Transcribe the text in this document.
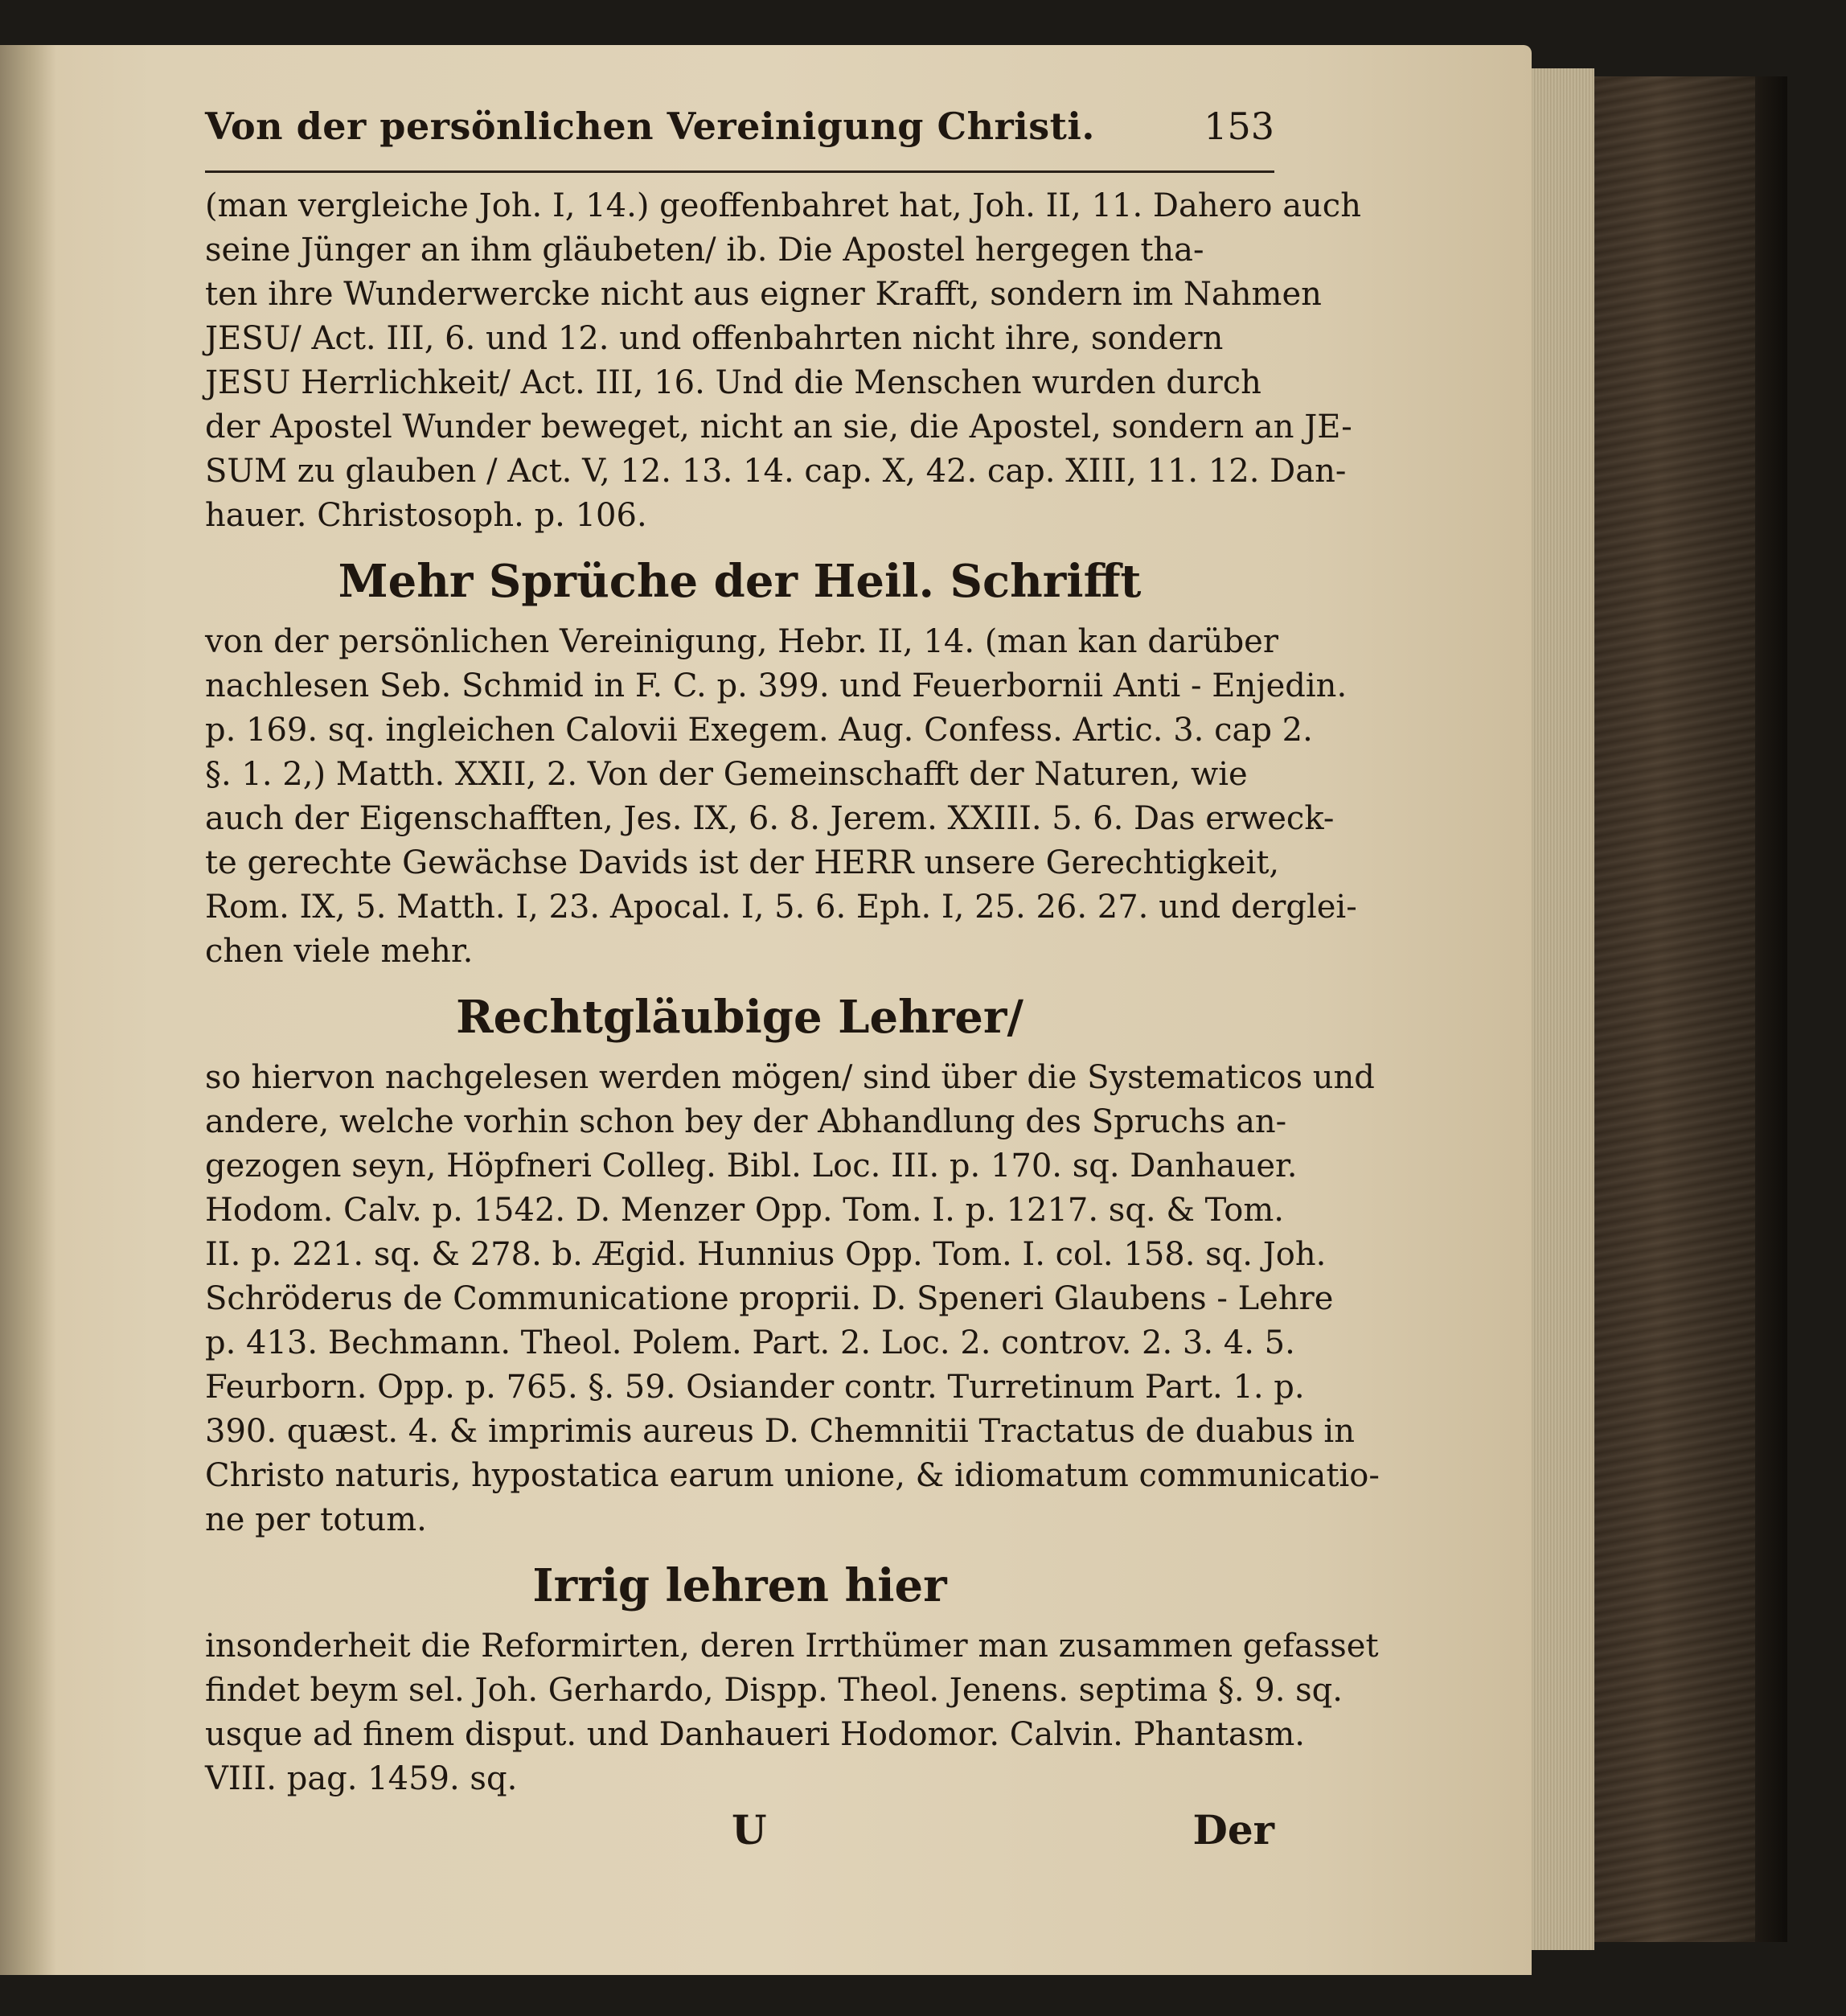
Von der persönlichen Vereinigung Christi.	153

(man vergleiche Joh. I, 14.) geoffenbahret hat, Joh. II, 11. Dahero auch
seine Jünger an ihm gläubeten/ ib. Die Apostel hergegen tha-
ten ihre Wunderwercke nicht aus eigner Krafft, sondern im Nahmen
JESU/ Act. III, 6. und 12. und offenbahrten nicht ihre, sondern
JESU Herrlichkeit/ Act. III, 16. Und die Menschen wurden durch
der Apostel Wunder beweget, nicht an sie, die Apostel, sondern an JE-
SUM zu glauben / Act. V, 12. 13. 14. cap. X, 42. cap. XIII, 11. 12. Dan-
hauer. Christosoph. p. 106.

Mehr Sprüche der Heil. Schrifft

von der persönlichen Vereinigung, Hebr. II, 14. (man kan darüber
nachlesen Seb. Schmid in F. C. p. 399. und Feuerbornii Anti - Enjedin.
p. 169. sq. ingleichen Calovii Exegem. Aug. Confess. Artic. 3. cap 2.
§. 1. 2,) Matth. XXII, 2. Von der Gemeinschafft der Naturen, wie
auch der Eigenschafften, Jes. IX, 6. 8. Jerem. XXIII. 5. 6. Das erweck-
te gerechte Gewächse Davids ist der HERR unsere Gerechtigkeit,
Rom. IX, 5. Matth. I, 23. Apocal. I, 5. 6. Eph. I, 25. 26. 27. und derglei-
chen viele mehr.

Rechtgläubige Lehrer/

so hiervon nachgelesen werden mögen/ sind über die Systematicos und
andere, welche vorhin schon bey der Abhandlung des Spruchs an-
gezogen seyn, Höpfneri Colleg. Bibl. Loc. III. p. 170. sq. Danhauer.
Hodom. Calv. p. 1542. D. Menzer Opp. Tom. I. p. 1217. sq. & Tom.
II. p. 221. sq. & 278. b. Ægid. Hunnius Opp. Tom. I. col. 158. sq. Joh.
Schröderus de Communicatione proprii. D. Speneri Glaubens - Lehre
p. 413. Bechmann. Theol. Polem. Part. 2. Loc. 2. controv. 2. 3. 4. 5.
Feurborn. Opp. p. 765. §. 59. Osiander contr. Turretinum Part. 1. p.
390. quæst. 4. & imprimis aureus D. Chemnitii Tractatus de duabus in
Christo naturis, hypostatica earum unione, & idiomatum communicatio-
ne per totum.

Irrig lehren hier

insonderheit die Reformirten, deren Irrthümer man zusammen gefasset
findet beym sel. Joh. Gerhardo, Dispp. Theol. Jenens. septima §. 9. sq.
usque ad finem disput. und Danhaueri Hodomor. Calvin. Phantasm.
VIII. pag. 1459. sq.

U	Der
